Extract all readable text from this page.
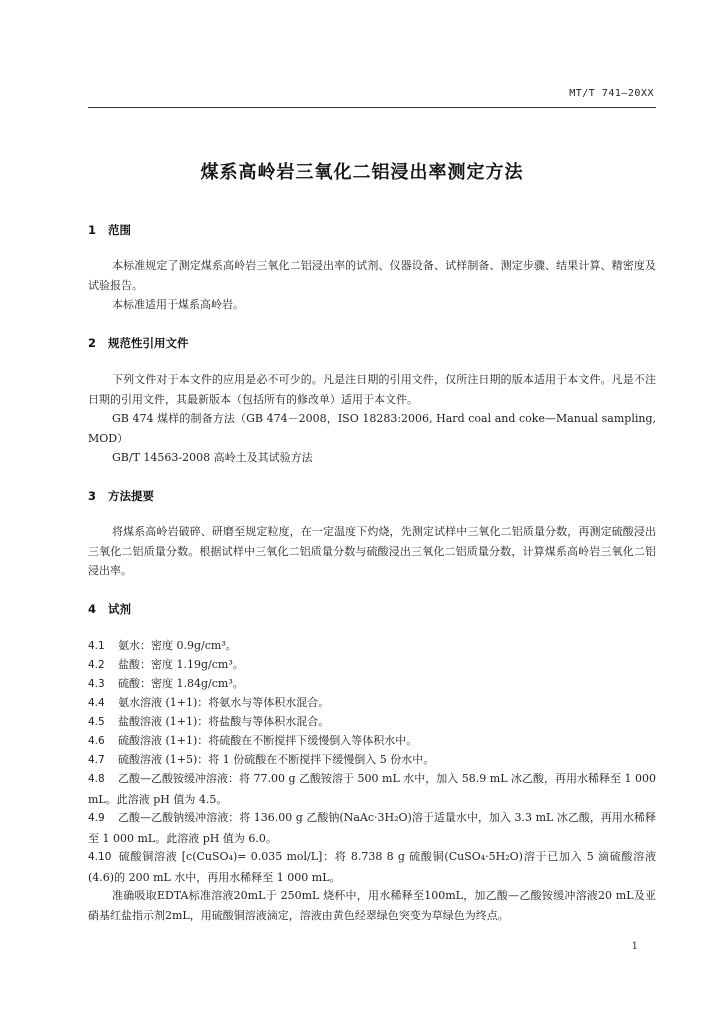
MT/T 741—20XX
煤系高岭岩三氧化二铝浸出率测定方法
1 范围
本标准规定了测定煤系高岭岩三氧化二铝浸出率的试剂、仪器设备、试样制备、测定步骤、结果计算、精密度及试验报告。
本标准适用于煤系高岭岩。
2 规范性引用文件
下列文件对于本文件的应用是必不可少的。凡是注日期的引用文件，仅所注日期的版本适用于本文件。凡是不注日期的引用文件，其最新版本（包括所有的修改单）适用于本文件。
GB 474 煤样的制备方法（GB 474－2008，ISO 18283:2006, Hard coal and coke—Manual sampling, MOD）
GB/T 14563-2008 高岭土及其试验方法
3 方法提要
将煤系高岭岩破碎、研磨至规定粒度，在一定温度下灼烧，先测定试样中三氧化二铝质量分数，再测定硫酸浸出三氧化二铝质量分数。根据试样中三氧化二铝质量分数与硫酸浸出三氧化二铝质量分数，计算煤系高岭岩三氧化二铝浸出率。
4 试剂
4.1 氨水：密度 0.9g/cm³。
4.2 盐酸：密度 1.19g/cm³。
4.3 硫酸：密度 1.84g/cm³。
4.4 氨水溶液 (1+1)：将氨水与等体积水混合。
4.5 盐酸溶液 (1+1)：将盐酸与等体积水混合。
4.6 硫酸溶液 (1+1)：将硫酸在不断搅拌下缓慢倒入等体积水中。
4.7 硫酸溶液 (1+5)：将 1 份硫酸在不断搅拌下缓慢倒入 5 份水中。
4.8 乙酸—乙酸铵缓冲溶液：将 77.00 g 乙酸铵溶于 500 mL 水中，加入 58.9 mL 冰乙酸，再用水稀释至 1 000 mL。此溶液 pH 值为 4.5。
4.9 乙酸—乙酸钠缓冲溶液：将 136.00 g 乙酸钠(NaAc·3H₂O)溶于适量水中，加入 3.3 mL 冰乙酸，再用水稀释至 1 000 mL。此溶液 pH 值为 6.0。
4.10 硫酸铜溶液 [c(CuSO₄)= 0.035 mol/L]：将 8.738 8 g 硫酸铜(CuSO₄·5H₂O)溶于已加入 5 滴硫酸溶液(4.6)的 200 mL 水中，再用水稀释至 1 000 mL。
准确吸取EDTA标准溶液20mL于 250mL 烧杯中，用水稀释至100mL，加乙酸—乙酸铵缓冲溶液20 mL及亚硝基红盐指示剂2mL，用硫酸铜溶液滴定，溶液由黄色经翠绿色突变为草绿色为终点。
1
